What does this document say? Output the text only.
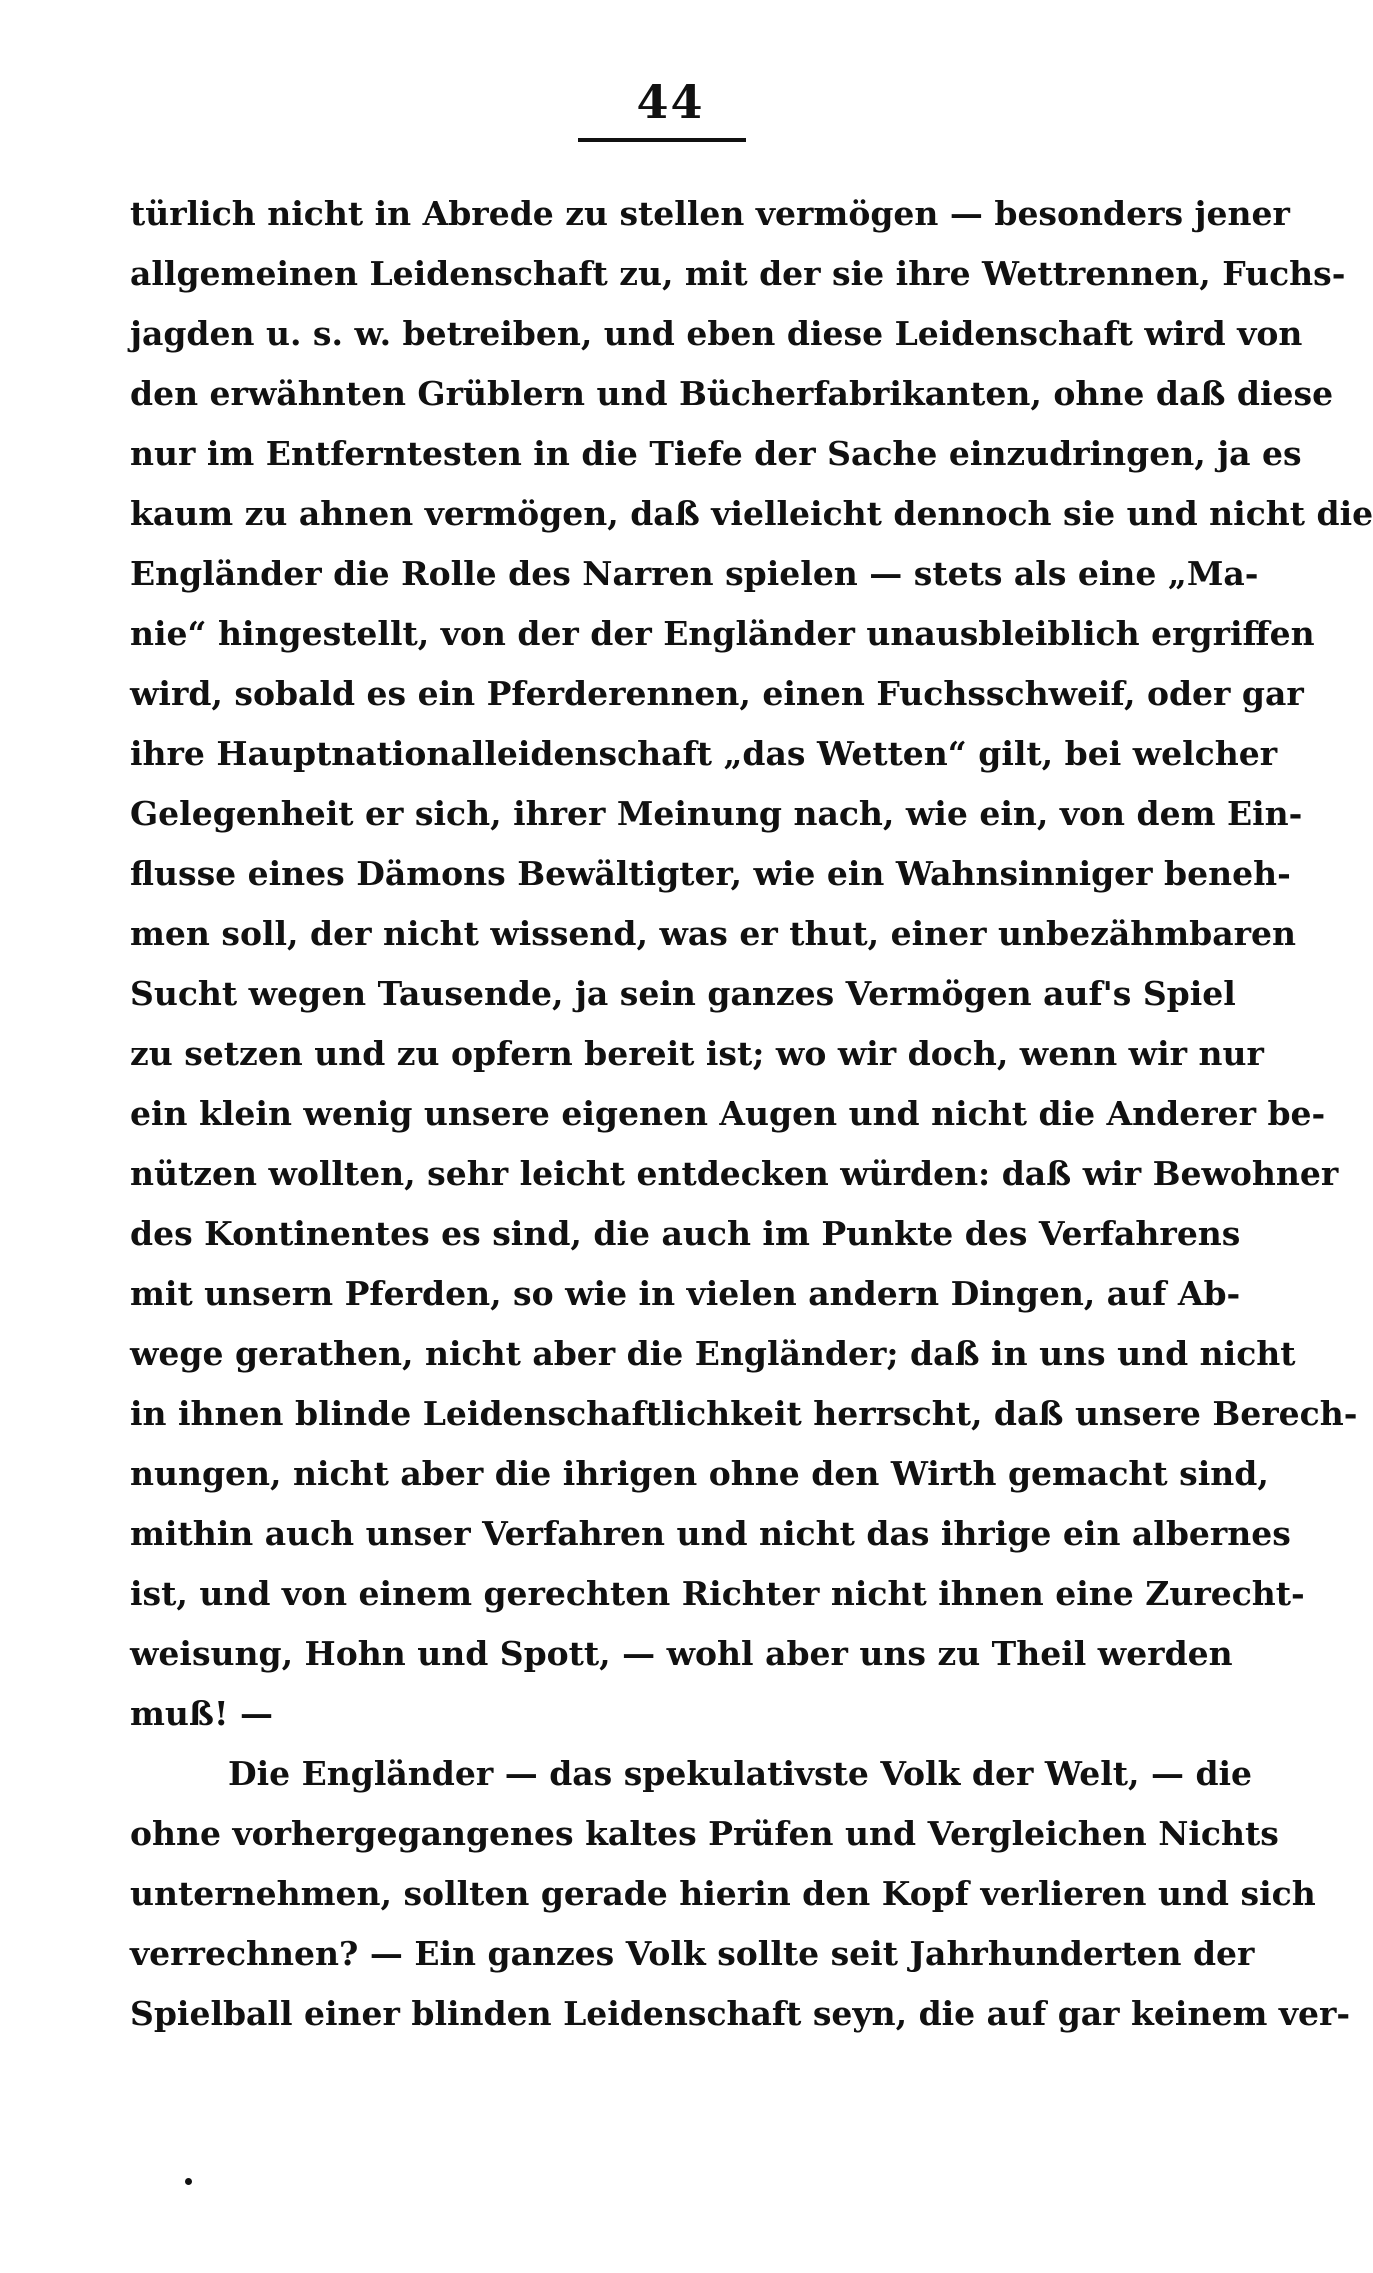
44
türlich nicht in Abrede zu stellen vermögen — besonders jener
allgemeinen Leidenschaft zu, mit der sie ihre Wettrennen, Fuchs-
jagden u. s. w. betreiben, und eben diese Leidenschaft wird von
den erwähnten Grüblern und Bücherfabrikanten, ohne daß diese
nur im Entferntesten in die Tiefe der Sache einzudringen, ja es
kaum zu ahnen vermögen, daß vielleicht dennoch sie und nicht die
Engländer die Rolle des Narren spielen — stets als eine „Ma-
nie“ hingestellt, von der der Engländer unausbleiblich ergriffen
wird, sobald es ein Pferderennen, einen Fuchsschweif, oder gar
ihre Hauptnationalleidenschaft „das Wetten“ gilt, bei welcher
Gelegenheit er sich, ihrer Meinung nach, wie ein, von dem Ein-
flusse eines Dämons Bewältigter, wie ein Wahnsinniger beneh-
men soll, der nicht wissend, was er thut, einer unbezähmbaren
Sucht wegen Tausende, ja sein ganzes Vermögen auf's Spiel
zu setzen und zu opfern bereit ist; wo wir doch, wenn wir nur
ein klein wenig unsere eigenen Augen und nicht die Anderer be-
nützen wollten, sehr leicht entdecken würden: daß wir Bewohner
des Kontinentes es sind, die auch im Punkte des Verfahrens
mit unsern Pferden, so wie in vielen andern Dingen, auf Ab-
wege gerathen, nicht aber die Engländer; daß in uns und nicht
in ihnen blinde Leidenschaftlichkeit herrscht, daß unsere Berech-
nungen, nicht aber die ihrigen ohne den Wirth gemacht sind,
mithin auch unser Verfahren und nicht das ihrige ein albernes
ist, und von einem gerechten Richter nicht ihnen eine Zurecht-
weisung, Hohn und Spott, — wohl aber uns zu Theil werden
muß! —
Die Engländer — das spekulativste Volk der Welt, — die
ohne vorhergegangenes kaltes Prüfen und Vergleichen Nichts
unternehmen, sollten gerade hierin den Kopf verlieren und sich
verrechnen? — Ein ganzes Volk sollte seit Jahrhunderten der
Spielball einer blinden Leidenschaft seyn, die auf gar keinem ver-
